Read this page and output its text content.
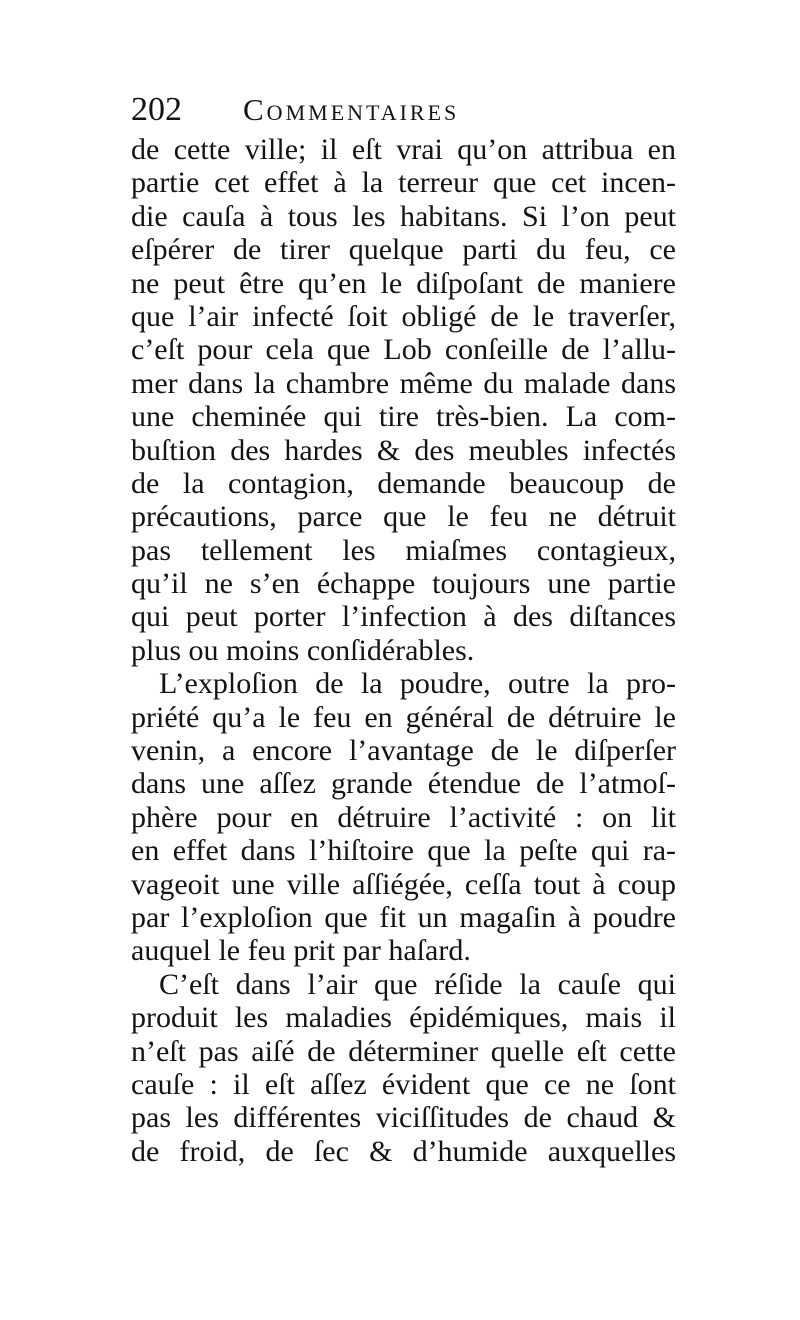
202 Commentaires
de cette ville; il eſt vrai qu’on attribua en
partie cet effet à la terreur que cet incen-
die cauſa à tous les habitans. Si l’on peut
eſpérer de tirer quelque parti du feu, ce
ne peut être qu’en le diſpoſant de maniere
que l’air infecté ſoit obligé de le traverſer,
c’eſt pour cela que Lob conſeille de l’allu-
mer dans la chambre même du malade dans
une cheminée qui tire très-bien. La com-
buſtion des hardes & des meubles infectés
de la contagion, demande beaucoup de
précautions, parce que le feu ne détruit
pas tellement les miaſmes contagieux,
qu’il ne s’en échappe toujours une partie
qui peut porter l’infection à des diſtances
plus ou moins conſidérables.
L’exploſion de la poudre, outre la pro-
priété qu’a le feu en général de détruire le
venin, a encore l’avantage de le diſperſer
dans une aſſez grande étendue de l’atmoſ-
phère pour en détruire l’activité : on lit
en effet dans l’hiſtoire que la peſte qui ra-
vageoit une ville aſſiégée, ceſſa tout à coup
par l’exploſion que fit un magaſin à poudre
auquel le feu prit par haſard.
C’eſt dans l’air que réſide la cauſe qui
produit les maladies épidémiques, mais il
n’eſt pas aiſé de déterminer quelle eſt cette
cauſe : il eſt aſſez évident que ce ne ſont
pas les différentes viciſſitudes de chaud &
de froid, de ſec & d’humide auxquelles
